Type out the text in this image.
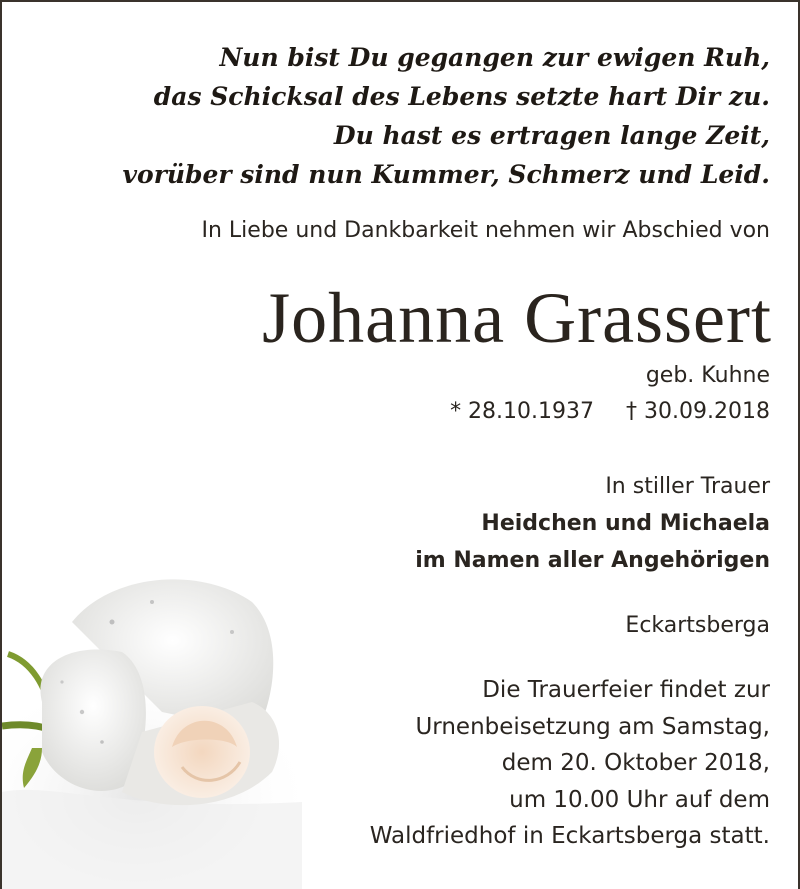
Nun bist Du gegangen zur ewigen Ruh,
das Schicksal des Lebens setzte hart Dir zu.
Du hast es ertragen lange Zeit,
vorüber sind nun Kummer, Schmerz und Leid.
In Liebe und Dankbarkeit nehmen wir Abschied von
Johanna Grassert
geb. Kuhne
* 28.10.1937 † 30.09.2018
In stiller Trauer
Heidchen und Michaela
im Namen aller Angehörigen
Eckartsberga
Die Trauerfeier findet zur
Urnenbeisetzung am Samstag,
dem 20. Oktober 2018,
um 10.00 Uhr auf dem
Waldfriedhof in Eckartsberga statt.
